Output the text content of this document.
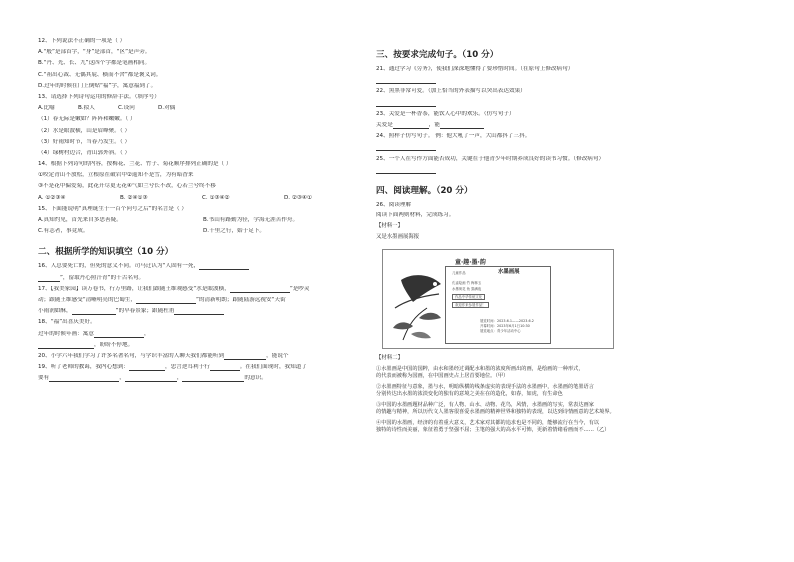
12、下列说法不正确的一项是（ ）
A.“般”是部首字，“身”是部首，“区”是声旁。
B.“丹、光、长、九”这四个字都是笔画相同。
C.“祖出心裁、无偶其屁、横而不舍”都是褒义词。
D.过年的时候在门上倒贴“福”字，寓意福到了。
13、请选择下列诗句运用的修辞手法。（填序号）
A.比喻	B.拟人	C.设问	D.对偶
（1）春无际是嫩如？阵阵和嫩嫩。（ ）
（2）水是眼波横，山是眉峰聚。（ ）
（3）好雨知时节，当春乃发生。（ ）
（4）绿树村边合，青山郭外斜。（ ）
14、根据下列诗句的内容，按梅花、兰花、竹子、菊花顺序排列正确的是（ ）
①咬定青山不放松，立根原在破岩中②遥知不是雪，为有暗香来
③不是花中偏爱菊，此花开尽更无花④气如兰兮长不改，心若兰兮终不移
A. ①②③④	B. ②④①③	C. ①③④②	D. ②③④①
15、下面能说明“真理诞生于一百个问号之后”的名言是（ ）
A.真知灼见，首先来自多思善疑。	B.书山有路勤为径，学海无涯苦作舟。
C.有志者，事竟成。	D.千里之行，始于足下。
二、根据所学的知识填空（10 分）
16、人总要死亡的，但死的意义不同。司马迁认为“人固有一死，
”，留取丹心照汗青”的千古名句。
17、【我美家园】读万卷书，行万里路，让我们跟随王维观感受“水是眼波横，	”是吵灵
动；跟随王维感受“清晰明亮的巴蜀生，	”的清新明朗；跟随陆游远视安“天街
小雨润如酥，	”的早春景象；跟随杜甫
18、“福”出喜庆美好。
过年的时候年画：寓意	，
，盼盼不停地。
20、小学六年我们学习了许多名著名句，与学识丰富的人聊天我们都能听到	，能说个
19、听了老师的教诲，我内心想到：	，忠言逆耳利于行	。在我们面现时，我知道了
要有	，	，	的意识。
三、按要求完成句子。（10 分）
21、通过学习《劳务》，使我们深深地懂得了要珍惜时间。（在原句上修改病句）
22、黑黑非常可爱。（加上恰当的外表描写以突出表达效果）
23、关爱是一杯香茶，能饮人心中的欢乐。（仿写句子）
关爱是	，能
24、照样子仿写句子。 例：他大吼了一声，大山都抖了三抖。
25、一个人在写作方面能否成功，关键在于他青少年时期养成良好的读书习惯。（修改病句）
四、阅读理解。（20 分）
26、阅读理解
阅读下面两则材料，完成练习。
【材料一】
又是水墨画展海报
童·趣·墨·韵
儿童作品	水墨画展
孔雀绘画 竹 梅林玉
水墨荷花 鱼 猫满夜
作品中华传统文化
欢迎你来参展作品！
展览时间：2023.6.1——2023.6.2
开幕时间：2023年6月1日10:30
展览地点：青少年活动中心
【材料二】
①水墨画是中国的国粹，由水和墨经过调配水和墨的浓度所画出的画，是绘画的一种形式，
的代表而被称为国画，在中国画史占上居首要地位。（甲）
②水墨画特征与意象，墨与水，明暗纵横的线条虚实的表现手法的水墨画中，水墨画的笔墨语言
分别传达出水墨的浓淡变化的独有的意境之美在在的造化，如春，如虎，有生命色
③中国的水墨画题材品种广泛，有人物、山水、动物、花鸟，风情，水墨画的写实，常表达画家
的情趣与精神，所以历代文人墨客很喜爱水墨画的精神世界和独特的表现，以达到诗情画意的艺术境界。
④中国的水墨画，经济的有着重大意义，艺术家对其都的追求也是不同的，能够流行在当今，有以
独特的诗性而美丽，象征着勇于坚强不屈；主笔的强大的高水平可怖，更新着情绪看画而不……（乙）
